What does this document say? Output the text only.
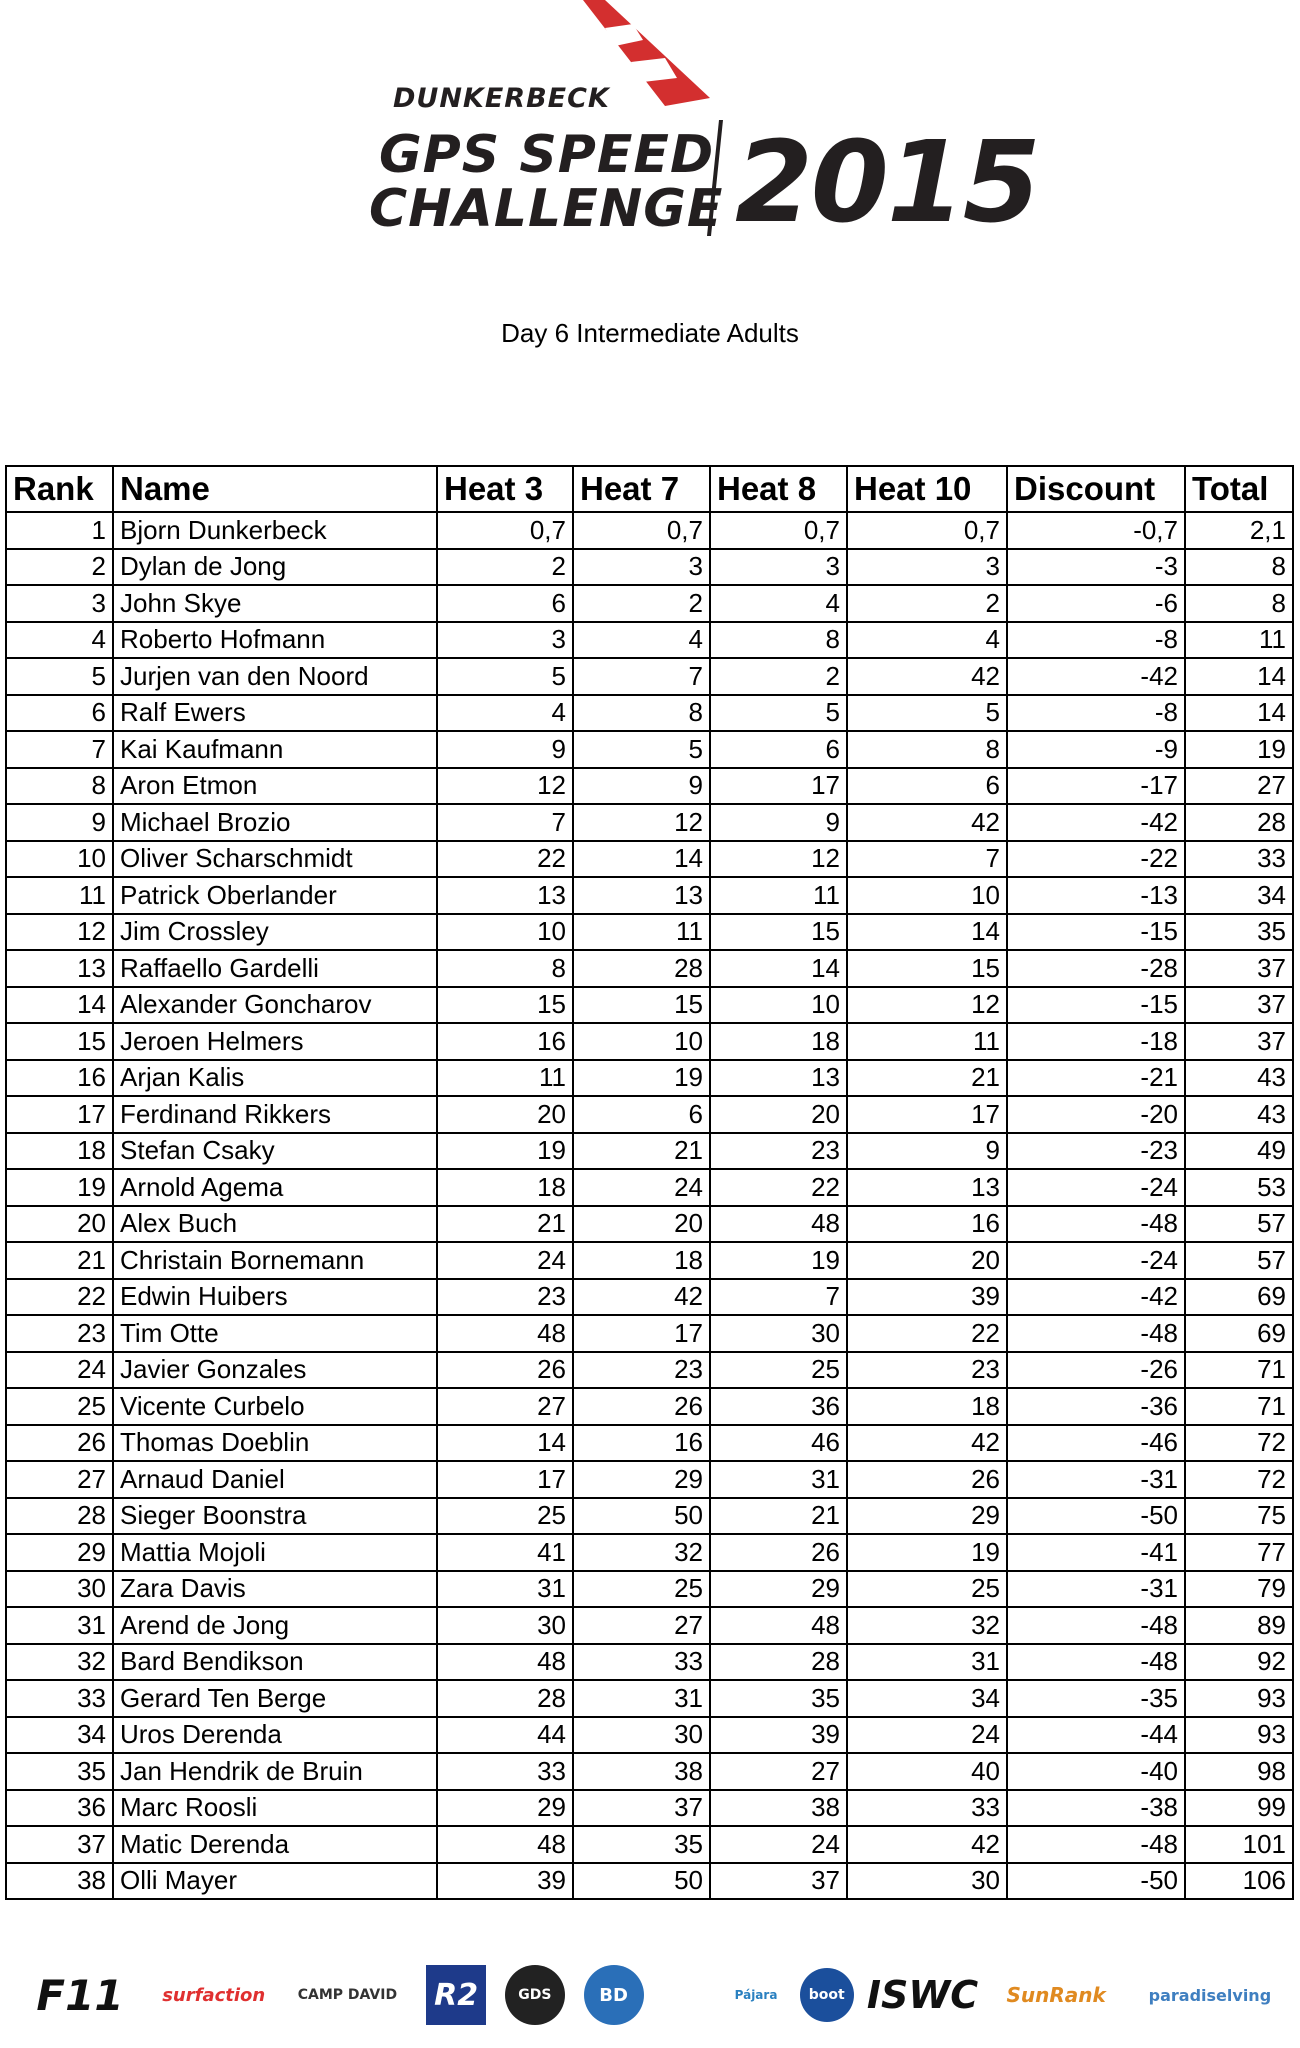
DUNKERBECK
GPS SPEED
CHALLENGE 2015
Day 6 Intermediate Adults
Rank	Name	Heat 3	Heat 7	Heat 8	Heat 10	Discount	Total
1	Bjorn Dunkerbeck	0,7	0,7	0,7	0,7	-0,7	2,1
2	Dylan de Jong	2	3	3	3	-3	8
3	John Skye	6	2	4	2	-6	8
4	Roberto Hofmann	3	4	8	4	-8	11
5	Jurjen van den Noord	5	7	2	42	-42	14
6	Ralf Ewers	4	8	5	5	-8	14
7	Kai Kaufmann	9	5	6	8	-9	19
8	Aron Etmon	12	9	17	6	-17	27
9	Michael Brozio	7	12	9	42	-42	28
10	Oliver Scharschmidt	22	14	12	7	-22	33
11	Patrick Oberlander	13	13	11	10	-13	34
12	Jim Crossley	10	11	15	14	-15	35
13	Raffaello Gardelli	8	28	14	15	-28	37
14	Alexander Goncharov	15	15	10	12	-15	37
15	Jeroen Helmers	16	10	18	11	-18	37
16	Arjan Kalis	11	19	13	21	-21	43
17	Ferdinand Rikkers	20	6	20	17	-20	43
18	Stefan Csaky	19	21	23	9	-23	49
19	Arnold Agema	18	24	22	13	-24	53
20	Alex Buch	21	20	48	16	-48	57
21	Christain Bornemann	24	18	19	20	-24	57
22	Edwin Huibers	23	42	7	39	-42	69
23	Tim Otte	48	17	30	22	-48	69
24	Javier Gonzales	26	23	25	23	-26	71
25	Vicente Curbelo	27	26	36	18	-36	71
26	Thomas Doeblin	14	16	46	42	-46	72
27	Arnaud Daniel	17	29	31	26	-31	72
28	Sieger Boonstra	25	50	21	29	-50	75
29	Mattia Mojoli	41	32	26	19	-41	77
30	Zara Davis	31	25	29	25	-31	79
31	Arend de Jong	30	27	48	32	-48	89
32	Bard Bendikson	48	33	28	31	-48	92
33	Gerard Ten Berge	28	31	35	34	-35	93
34	Uros Derenda	44	30	39	24	-44	93
35	Jan Hendrik de Bruin	33	38	27	40	-40	98
36	Marc Roosli	29	37	38	33	-38	99
37	Matic Derenda	48	35	24	42	-48	101
38	Olli Mayer	39	50	37	30	-50	106
F11	surfaction	CAMP DAVID	R2	GDS	BD	Pájara	boot ISWC	SunRank	paradiselving
